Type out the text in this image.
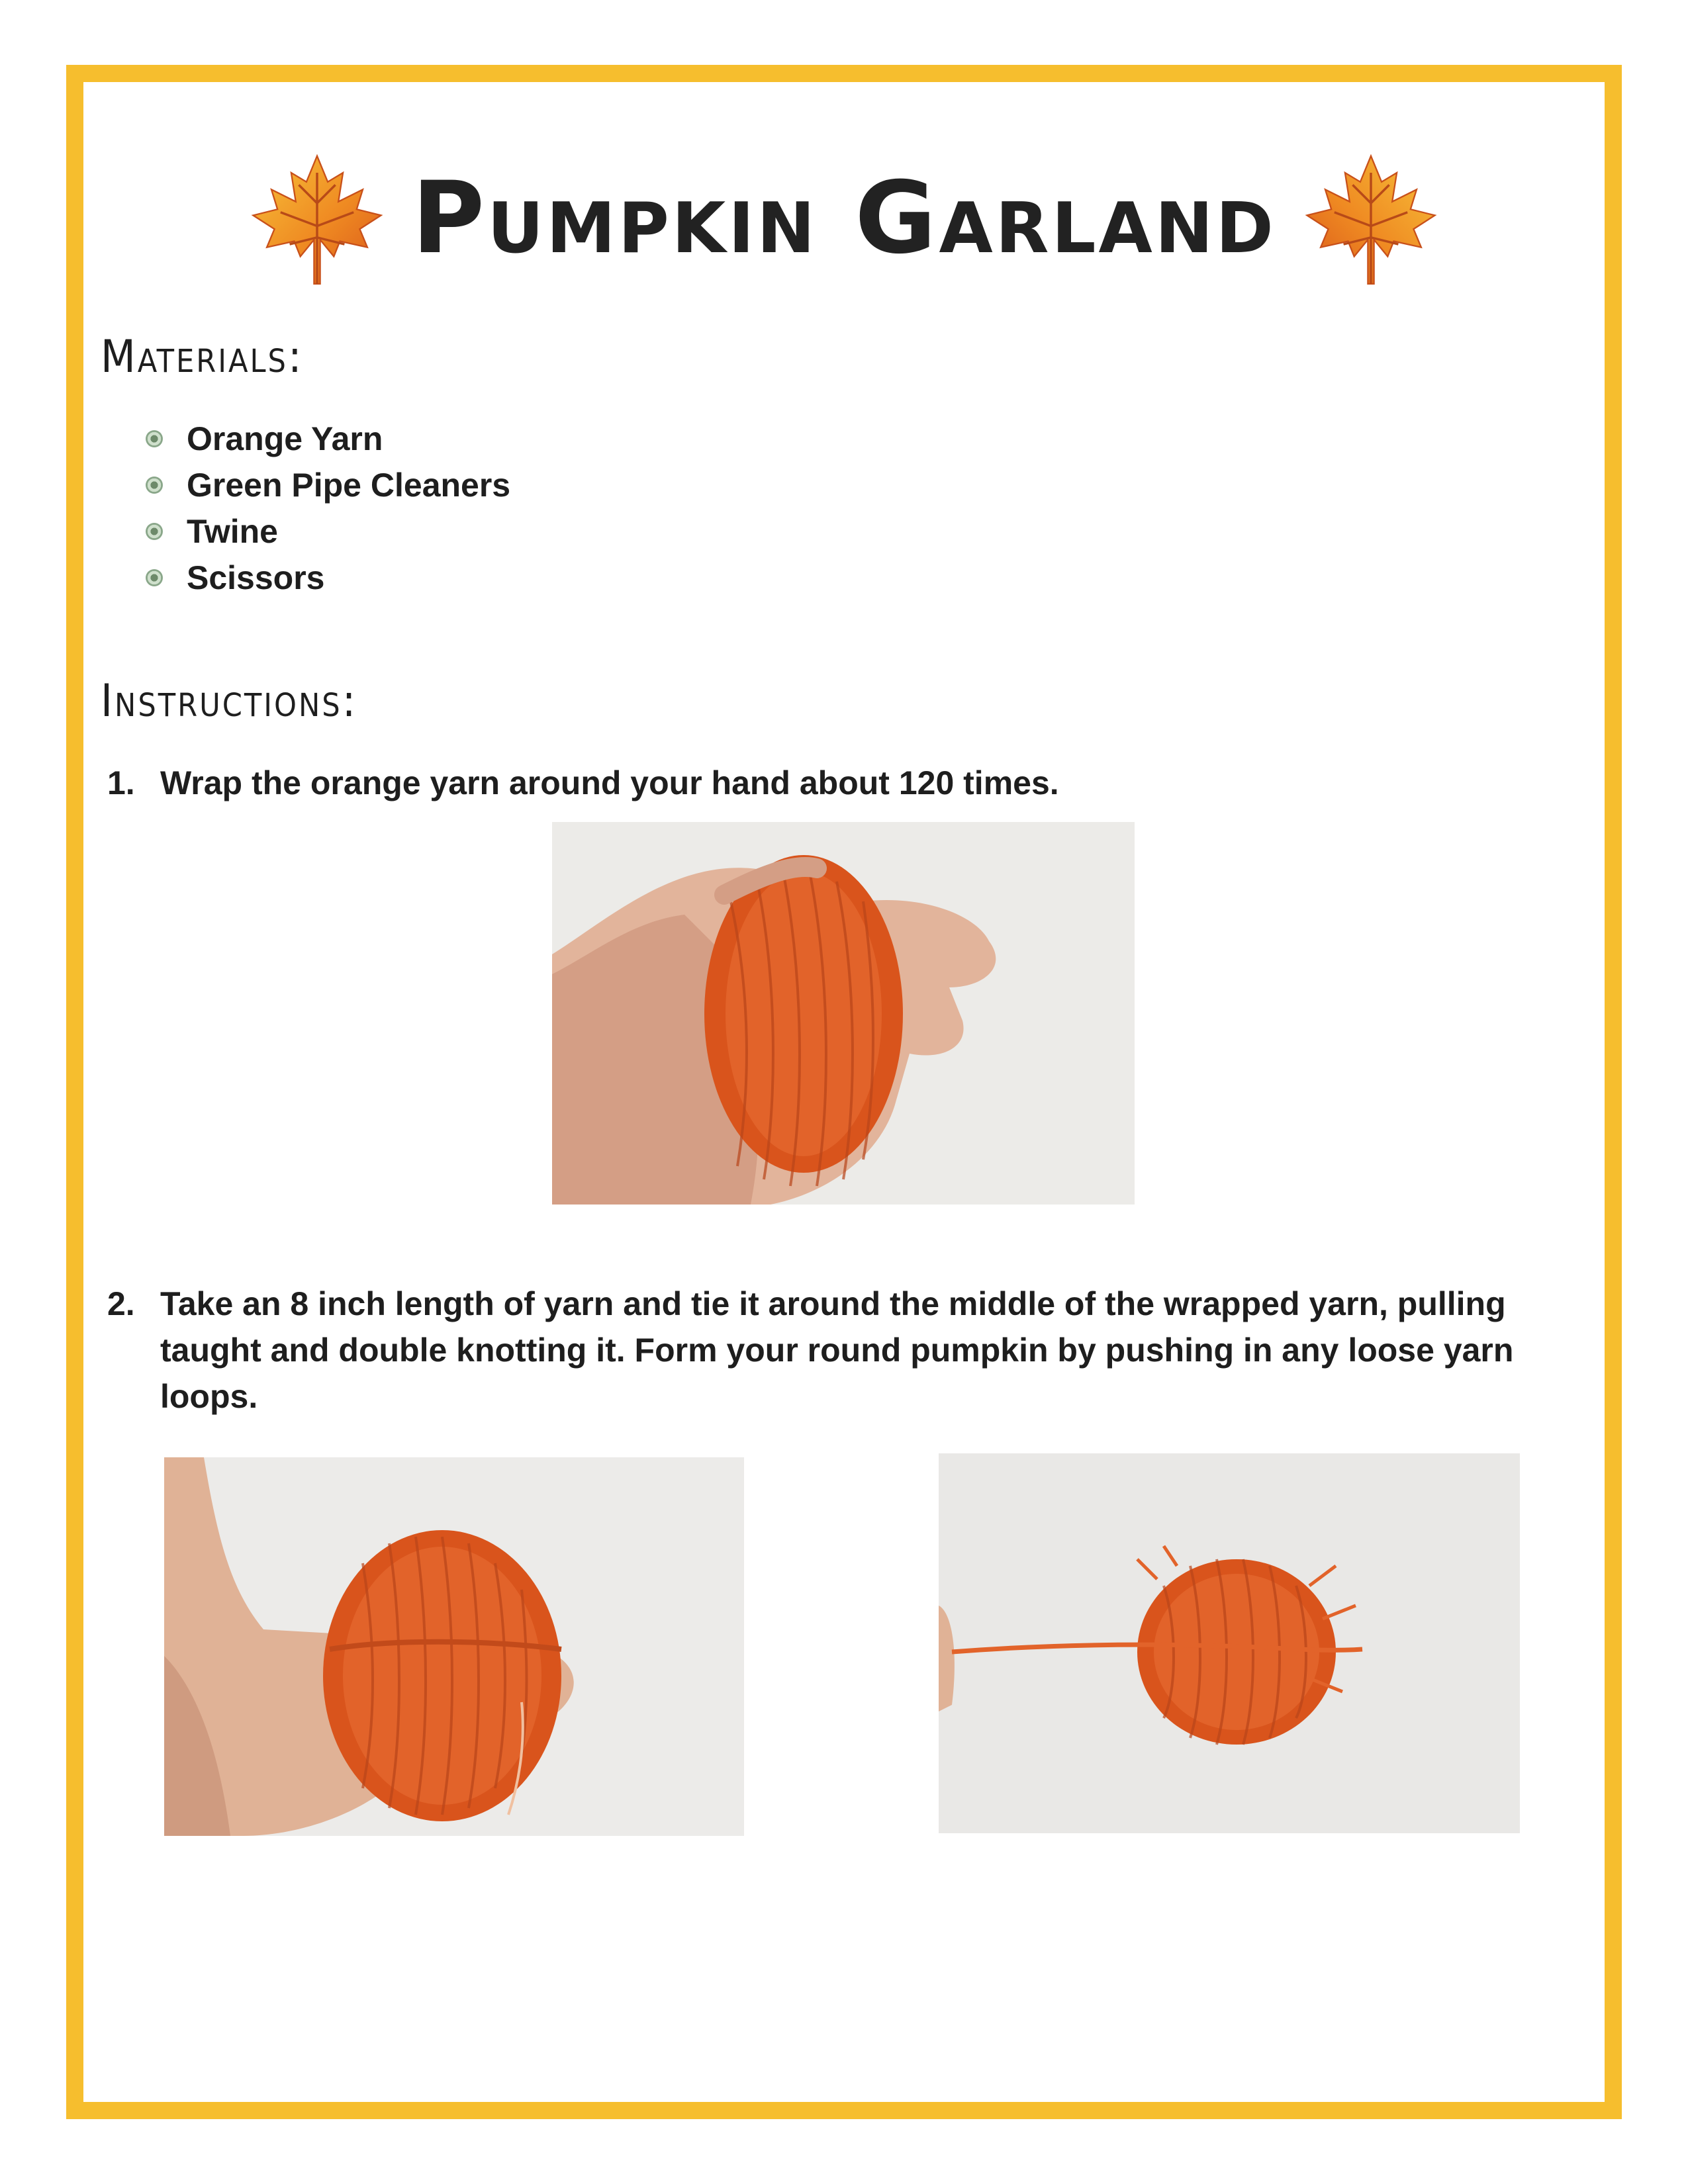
Pumpkin Garland
Materials:
Orange Yarn
Green Pipe Cleaners
Twine
Scissors
Instructions:
1. Wrap the orange yarn around your hand about 120 times.
2. Take an 8 inch length of yarn and tie it around the middle of the wrapped yarn, pulling taught and double knotting it. Form your round pumpkin by pushing in any loose yarn loops.
